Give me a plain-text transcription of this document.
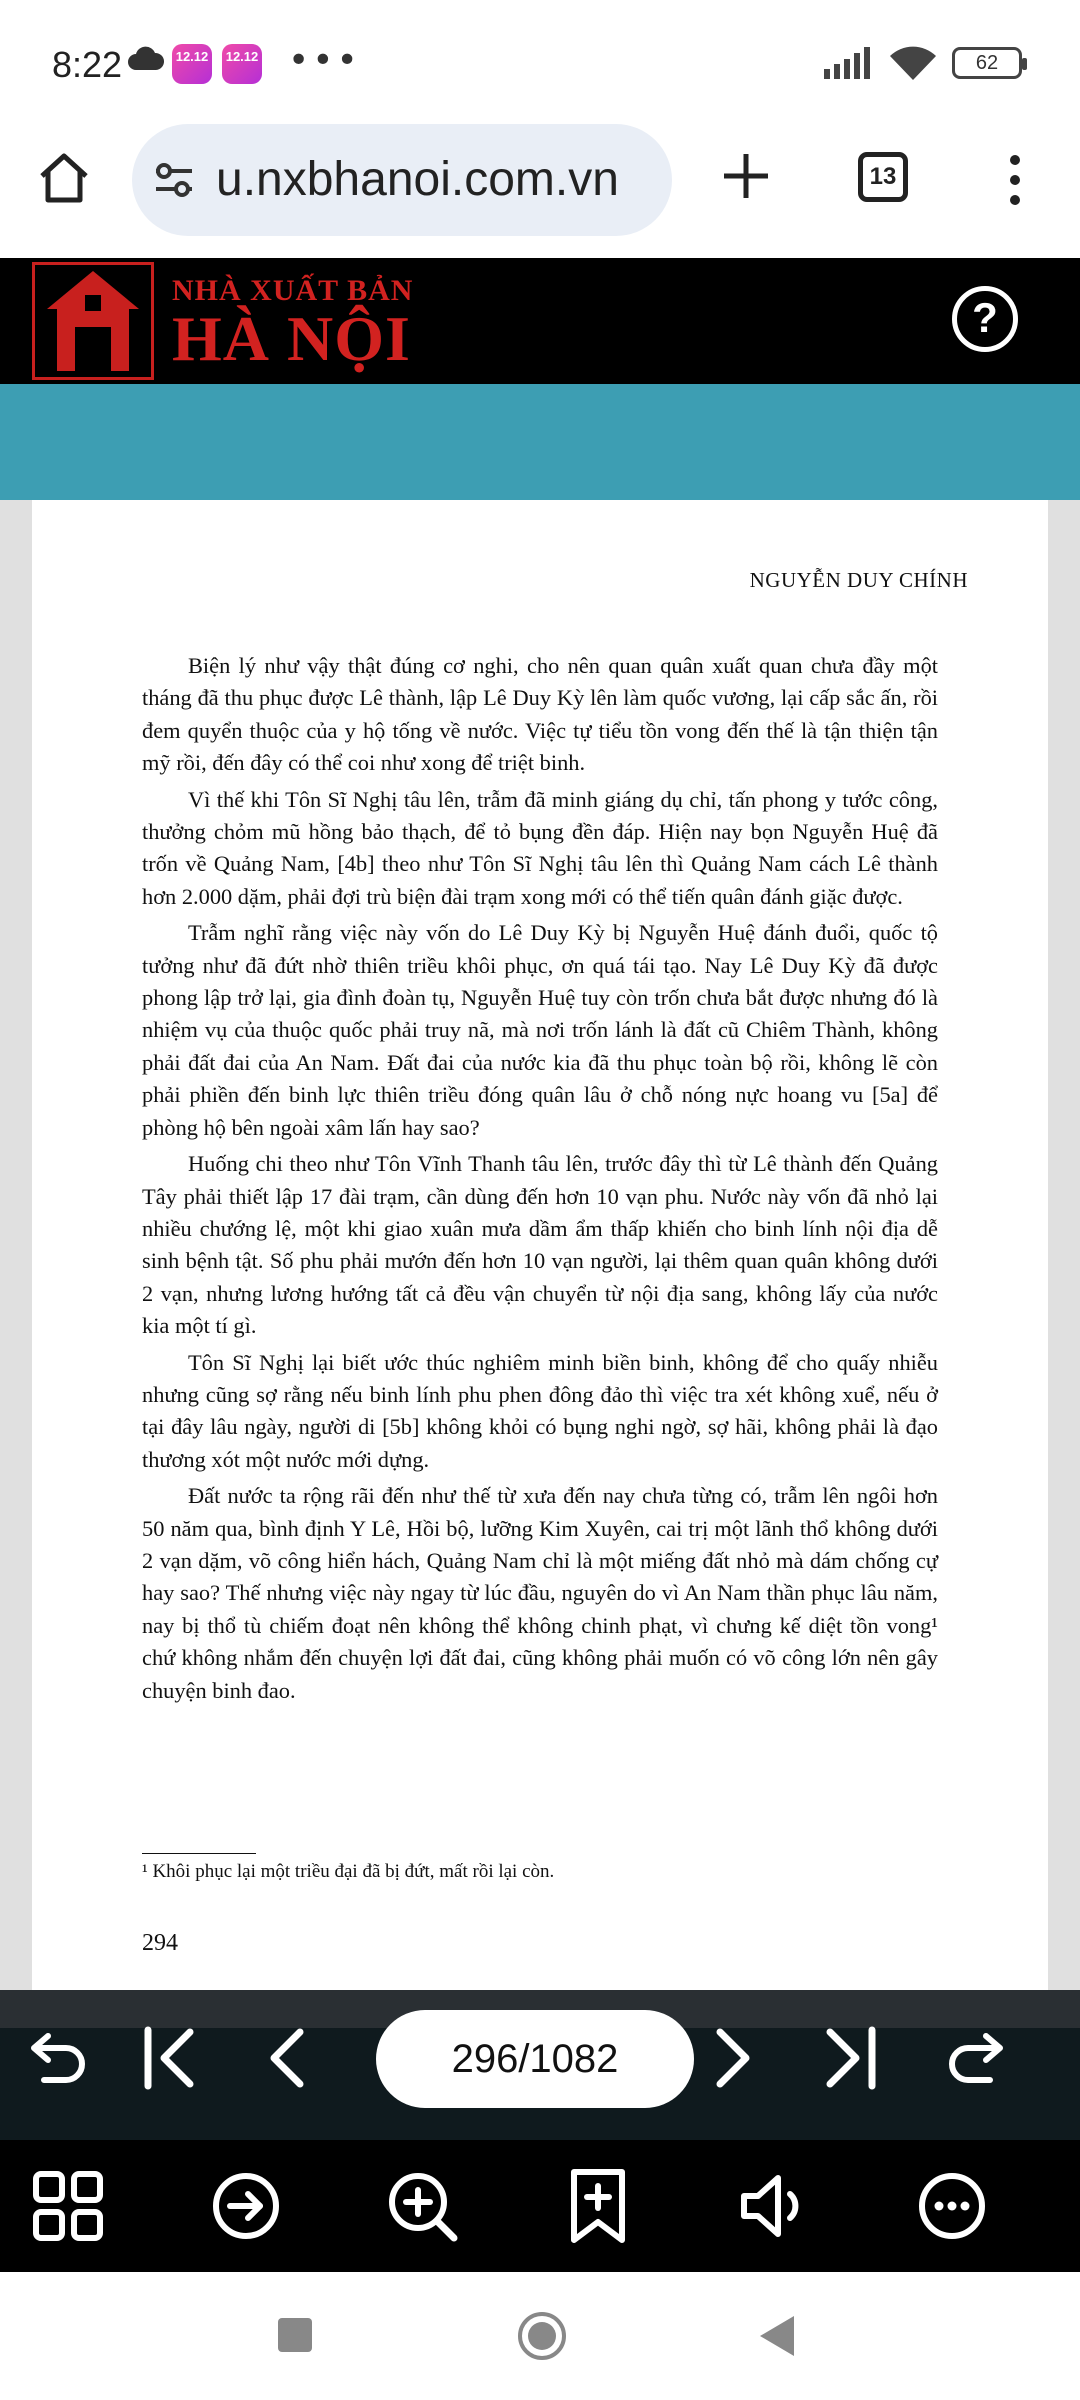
8:22	12.12 12.12 •••	62
u.nxbhanoi.com.vn	13
NHÀ XUẤT BẢN
HÀ NỘI	?
NGUYỄN DUY CHÍNH

Biện lý như vậy thật đúng cơ nghi, cho nên quan quân xuất quan chưa đầy một tháng đã thu phục được Lê thành, lập Lê Duy Kỳ lên làm quốc vương, lại cấp sắc ấn, rồi đem quyển thuộc của y hộ tống về nước. Việc tự tiểu tồn vong đến thế là tận thiện tận mỹ rồi, đến đây có thể coi như xong để triệt binh.

Vì thế khi Tôn Sĩ Nghị tâu lên, trẫm đã minh giáng dụ chỉ, tấn phong y tước công, thưởng chỏm mũ hồng bảo thạch, để tỏ bụng đền đáp. Hiện nay bọn Nguyễn Huệ đã trốn về Quảng Nam, [4b] theo như Tôn Sĩ Nghị tâu lên thì Quảng Nam cách Lê thành hơn 2.000 dặm, phải đợi trù biện đài trạm xong mới có thể tiến quân đánh giặc được.

Trẫm nghĩ rằng việc này vốn do Lê Duy Kỳ bị Nguyễn Huệ đánh đuổi, quốc tộ tưởng như đã đứt nhờ thiên triều khôi phục, ơn quá tái tạo. Nay Lê Duy Kỳ đã được phong lập trở lại, gia đình đoàn tụ, Nguyễn Huệ tuy còn trốn chưa bắt được nhưng đó là nhiệm vụ của thuộc quốc phải truy nã, mà nơi trốn lánh là đất cũ Chiêm Thành, không phải đất đai của An Nam. Đất đai của nước kia đã thu phục toàn bộ rồi, không lẽ còn phải phiền đến binh lực thiên triều đóng quân lâu ở chỗ nóng nực hoang vu [5a] để phòng hộ bên ngoài xâm lấn hay sao?

Huống chi theo như Tôn Vĩnh Thanh tâu lên, trước đây thì từ Lê thành đến Quảng Tây phải thiết lập 17 đài trạm, cần dùng đến hơn 10 vạn phu. Nước này vốn đã nhỏ lại nhiều chướng lệ, một khi giao xuân mưa dầm ẩm thấp khiến cho binh lính nội địa dễ sinh bệnh tật. Số phu phải mướn đến hơn 10 vạn người, lại thêm quan quân không dưới 2 vạn, nhưng lương hướng tất cả đều vận chuyển từ nội địa sang, không lấy của nước kia một tí gì.

Tôn Sĩ Nghị lại biết ước thúc nghiêm minh biền binh, không để cho quấy nhiễu nhưng cũng sợ rằng nếu binh lính phu phen đông đảo thì việc tra xét không xuể, nếu ở tại đây lâu ngày, người di [5b] không khỏi có bụng nghi ngờ, sợ hãi, không phải là đạo thương xót một nước mới dựng.

Đất nước ta rộng rãi đến như thế từ xưa đến nay chưa từng có, trẫm lên ngôi hơn 50 năm qua, bình định Y Lê, Hồi bộ, lưỡng Kim Xuyên, cai trị một lãnh thổ không dưới 2 vạn dặm, võ công hiển hách, Quảng Nam chỉ là một miếng đất nhỏ mà dám chống cự hay sao? Thế nhưng việc này ngay từ lúc đầu, nguyên do vì An Nam thần phục lâu năm, nay bị thổ tù chiếm đoạt nên không thể không chinh phạt, vì chưng kế diệt tồn vong¹ chứ không nhắm đến chuyện lợi đất đai, cũng không phải muốn có võ công lớn nên gây chuyện binh đao.

¹ Khôi phục lại một triều đại đã bị đứt, mất rồi lại còn.
294
296/1082
